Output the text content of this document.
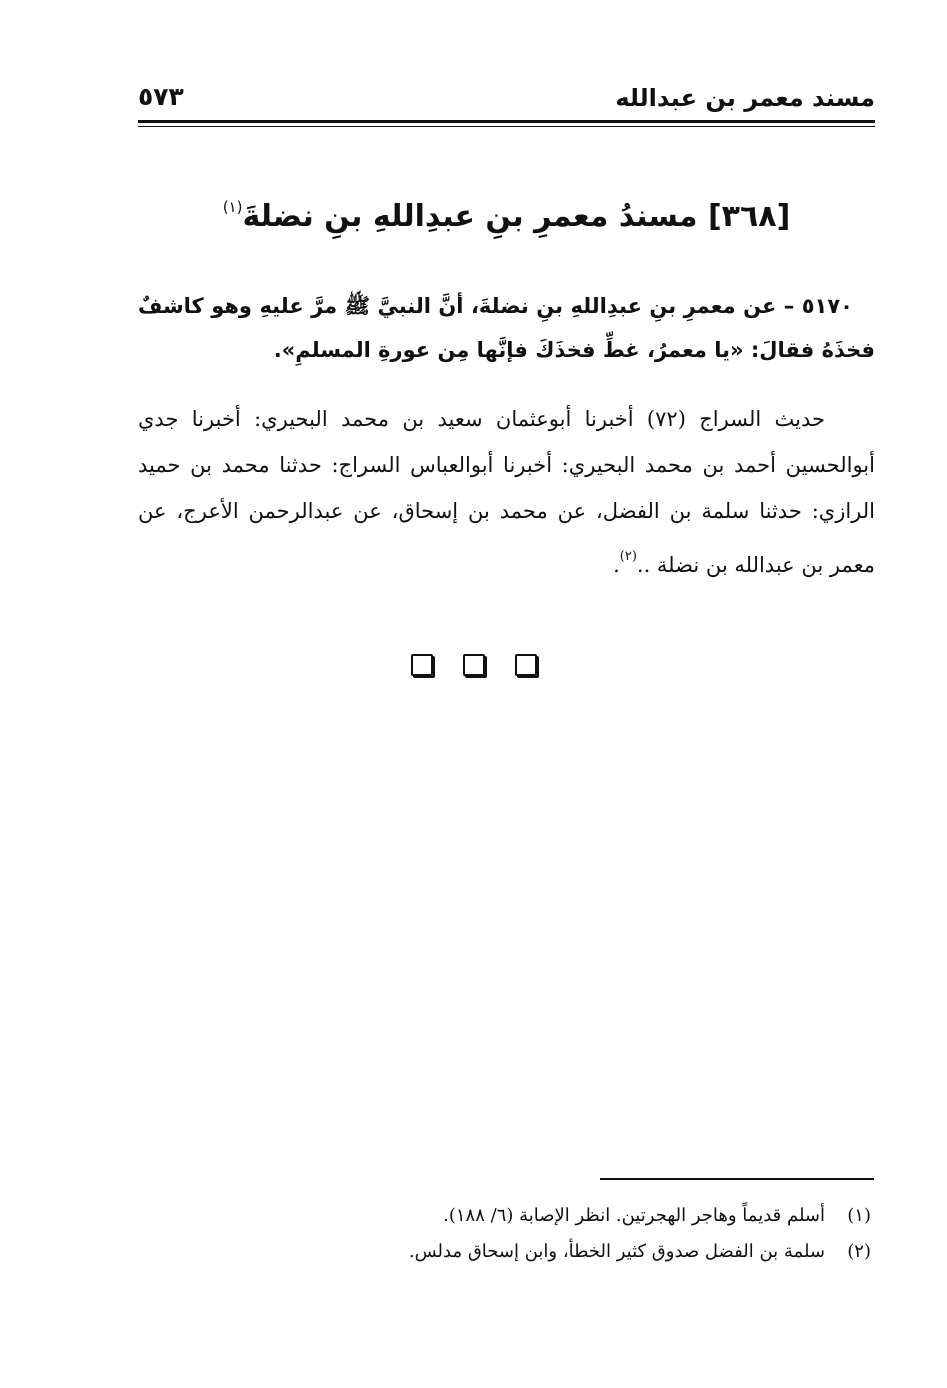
مسند معمر بن عبدالله
٥٧٣
[٣٦٨] مسندُ معمرِ بنِ عبدِاللهِ بنِ نضلةَ$^{(١)}$
٥١٧٠ – عن معمرِ بنِ عبدِاللهِ بنِ نضلةَ، أنَّ النبيَّ ﷺ مرَّ عليهِ وهو كاشفٌ فخذَهُ فقالَ: «يا معمرُ، غطِّ فخذَكَ فإنَّها مِن عورةِ المسلمِ».
حديث السراج (٧٢) أخبرنا أبوعثمان سعيد بن محمد البحيري: أخبرنا جدي أبوالحسين أحمد بن محمد البحيري: أخبرنا أبوالعباس السراج: حدثنا محمد بن حميد الرازي: حدثنا سلمة بن الفضل، عن محمد بن إسحاق، عن عبدالرحمن الأعرج، عن معمر بن عبدالله بن نضلة ..$^{(٢)}$.
(١)
أسلم قديماً وهاجر الهجرتين. انظر الإصابة (٦/ ١٨٨).
(٢)
سلمة بن الفضل صدوق كثير الخطأ، وابن إسحاق مدلس.
